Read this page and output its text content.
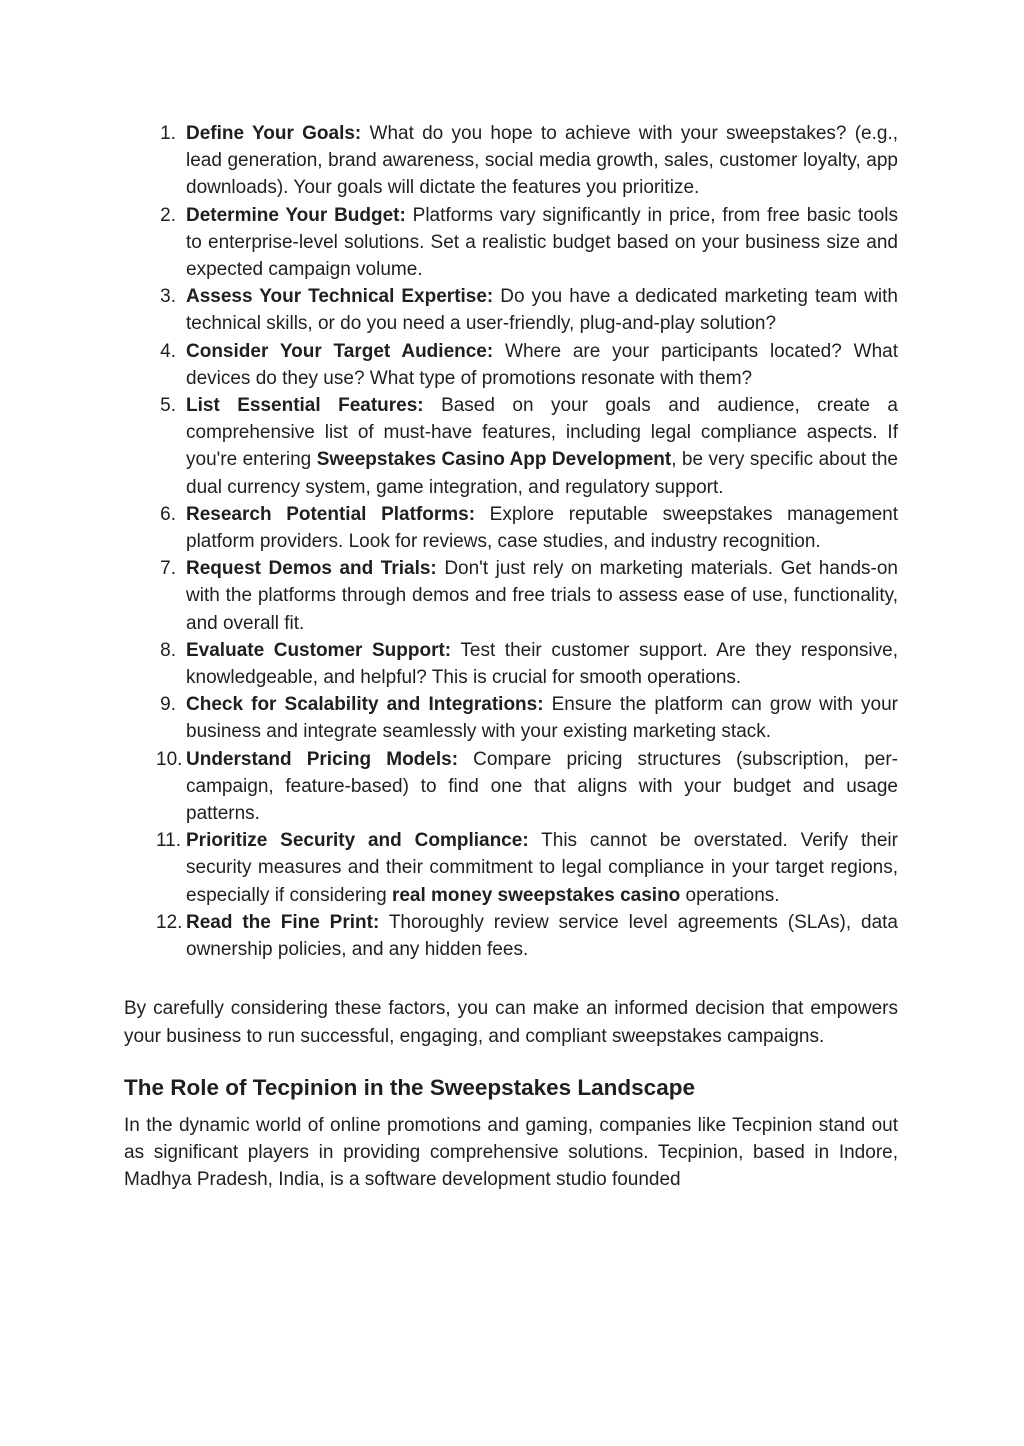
1. Define Your Goals: What do you hope to achieve with your sweepstakes? (e.g., lead generation, brand awareness, social media growth, sales, customer loyalty, app downloads). Your goals will dictate the features you prioritize.
2. Determine Your Budget: Platforms vary significantly in price, from free basic tools to enterprise-level solutions. Set a realistic budget based on your business size and expected campaign volume.
3. Assess Your Technical Expertise: Do you have a dedicated marketing team with technical skills, or do you need a user-friendly, plug-and-play solution?
4. Consider Your Target Audience: Where are your participants located? What devices do they use? What type of promotions resonate with them?
5. List Essential Features: Based on your goals and audience, create a comprehensive list of must-have features, including legal compliance aspects. If you're entering Sweepstakes Casino App Development, be very specific about the dual currency system, game integration, and regulatory support.
6. Research Potential Platforms: Explore reputable sweepstakes management platform providers. Look for reviews, case studies, and industry recognition.
7. Request Demos and Trials: Don't just rely on marketing materials. Get hands-on with the platforms through demos and free trials to assess ease of use, functionality, and overall fit.
8. Evaluate Customer Support: Test their customer support. Are they responsive, knowledgeable, and helpful? This is crucial for smooth operations.
9. Check for Scalability and Integrations: Ensure the platform can grow with your business and integrate seamlessly with your existing marketing stack.
10. Understand Pricing Models: Compare pricing structures (subscription, per-campaign, feature-based) to find one that aligns with your budget and usage patterns.
11. Prioritize Security and Compliance: This cannot be overstated. Verify their security measures and their commitment to legal compliance in your target regions, especially if considering real money sweepstakes casino operations.
12. Read the Fine Print: Thoroughly review service level agreements (SLAs), data ownership policies, and any hidden fees.

By carefully considering these factors, you can make an informed decision that empowers your business to run successful, engaging, and compliant sweepstakes campaigns.

The Role of Tecpinion in the Sweepstakes Landscape

In the dynamic world of online promotions and gaming, companies like Tecpinion stand out as significant players in providing comprehensive solutions. Tecpinion, based in Indore, Madhya Pradesh, India, is a software development studio founded
